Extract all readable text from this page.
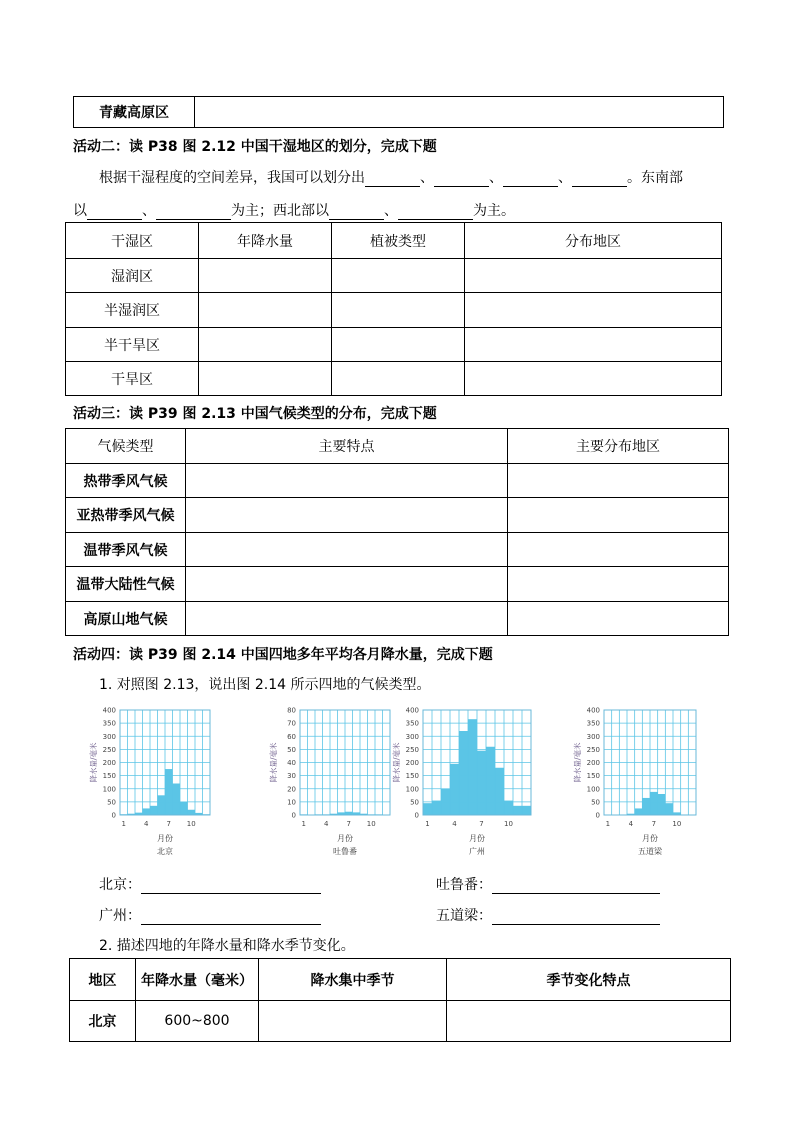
青藏高原区	
活动二：读 P38 图 2.12 中国干湿地区的划分，完成下题
根据干湿程度的空间差异，我国可以划分出	、	、	、	。东南部
以	、	为主；西北部以	、	为主。
干湿区	年降水量	植被类型	分布地区
湿润区			
半湿润区			
半干旱区			
干旱区			
活动三：读 P39 图 2.13 中国气候类型的分布，完成下题
气候类型	主要特点	主要分布地区
热带季风气候		
亚热带季风气候		
温带季风气候		
温带大陆性气候		
高原山地气候		
活动四：读 P39 图 2.14 中国四地多年平均各月降水量，完成下题
1. 对照图 2.13，说出图 2.14 所示四地的气候类型。
0
50
100
150
200
250
300
350
400
1	4	7 10
降水量/毫米
月份
北京
0
10
20
30
40
50
60
70
80
1	4	7 10
降水量/毫米
月份
吐鲁番
0
50
100
150
200
250
300
350
400
1	4	7	10
降水量/毫米
月份
广州
0
50
100
150
200
250
300
350
400
1	4	7 10
降水量/毫米
月份
五道梁
北京：	吐鲁番：
广州：	五道梁：
2. 描述四地的年降水量和降水季节变化。
地区	年降水量（毫米）	降水集中季节	季节变化特点
北京	600~800		
